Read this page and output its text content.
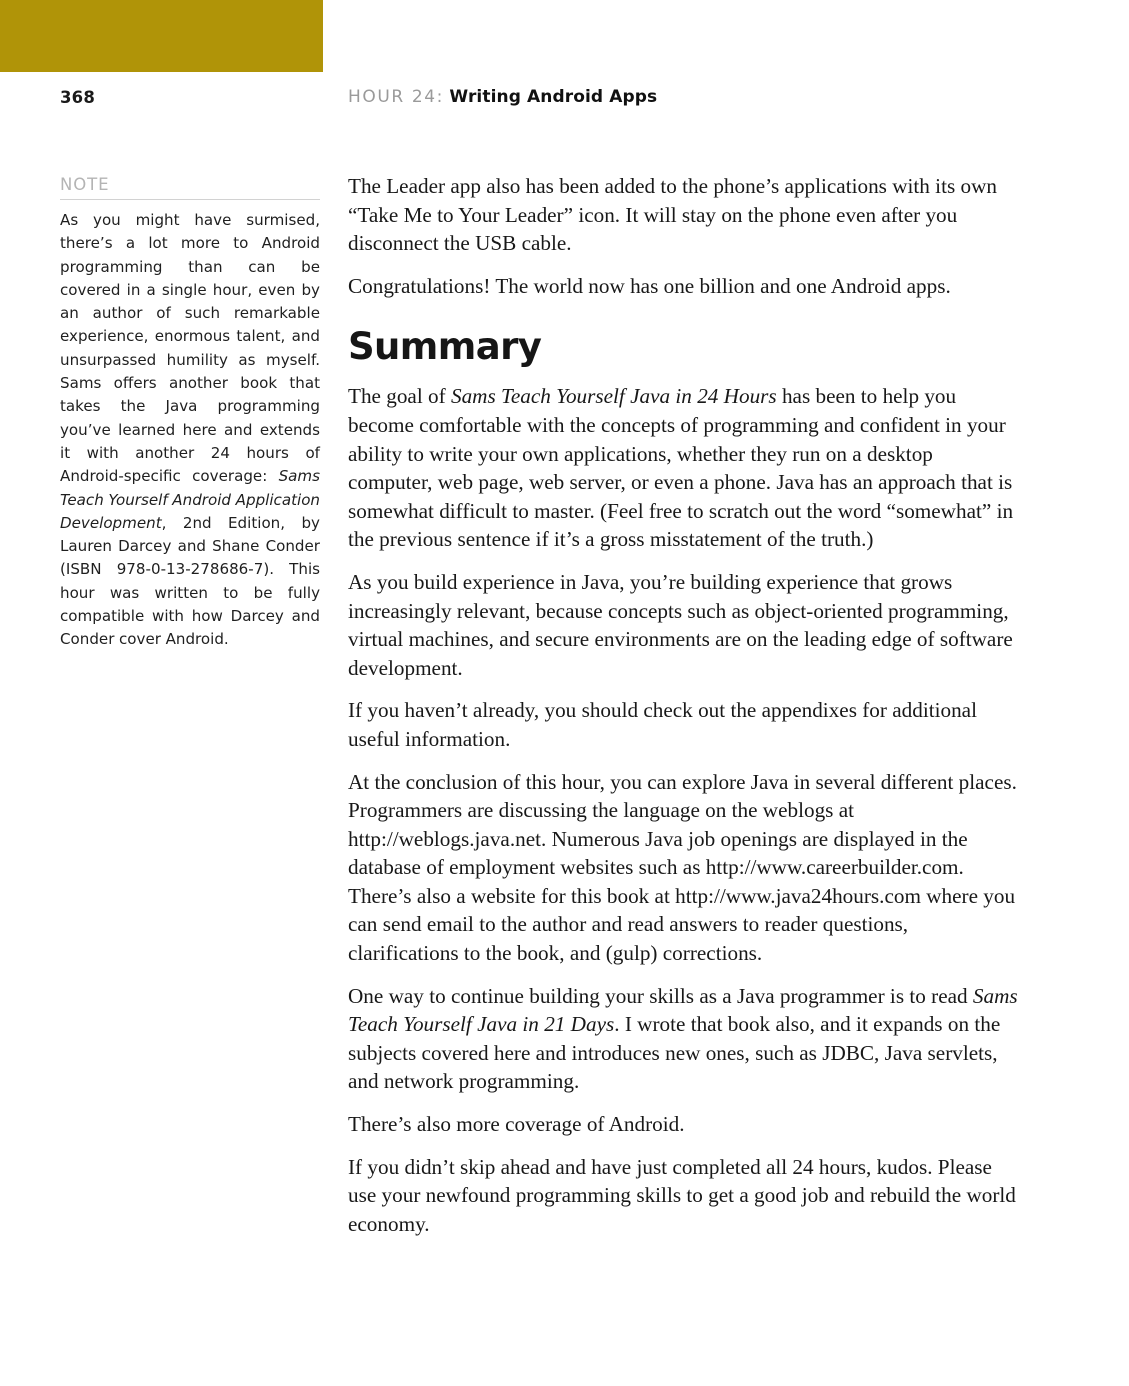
368	HOUR 24: Writing Android Apps
NOTE
As you might have surmised, there’s a lot more to Android programming than can be covered in a single hour, even by an author of such remarkable experience, enormous talent, and unsurpassed humility as myself. Sams offers another book that takes the Java programming you’ve learned here and extends it with another 24 hours of Android-specific coverage: Sams Teach Yourself Android Application Development, 2nd Edition, by Lauren Darcey and Shane Conder (ISBN 978-0-13-278686-7). This hour was written to be fully compatible with how Darcey and Conder cover Android.

The Leader app also has been added to the phone’s applications with its own “Take Me to Your Leader” icon. It will stay on the phone even after you disconnect the USB cable.

Congratulations! The world now has one billion and one Android apps.

Summary

The goal of Sams Teach Yourself Java in 24 Hours has been to help you become comfortable with the concepts of programming and confident in your ability to write your own applications, whether they run on a desktop computer, web page, web server, or even a phone. Java has an approach that is somewhat difficult to master. (Feel free to scratch out the word “somewhat” in the previous sentence if it’s a gross misstatement of the truth.)

As you build experience in Java, you’re building experience that grows increasingly relevant, because concepts such as object-oriented programming, virtual machines, and secure environments are on the leading edge of software development.

If you haven’t already, you should check out the appendixes for additional useful information.

At the conclusion of this hour, you can explore Java in several different places. Programmers are discussing the language on the weblogs at http://weblogs.java.net. Numerous Java job openings are displayed in the database of employment websites such as http://www.careerbuilder.com. There’s also a website for this book at http://www.java24hours.com where you can send email to the author and read answers to reader questions, clarifications to the book, and (gulp) corrections.

One way to continue building your skills as a Java programmer is to read Sams Teach Yourself Java in 21 Days. I wrote that book also, and it expands on the subjects covered here and introduces new ones, such as JDBC, Java servlets, and network programming.

There’s also more coverage of Android.

If you didn’t skip ahead and have just completed all 24 hours, kudos. Please use your newfound programming skills to get a good job and rebuild the world economy.
